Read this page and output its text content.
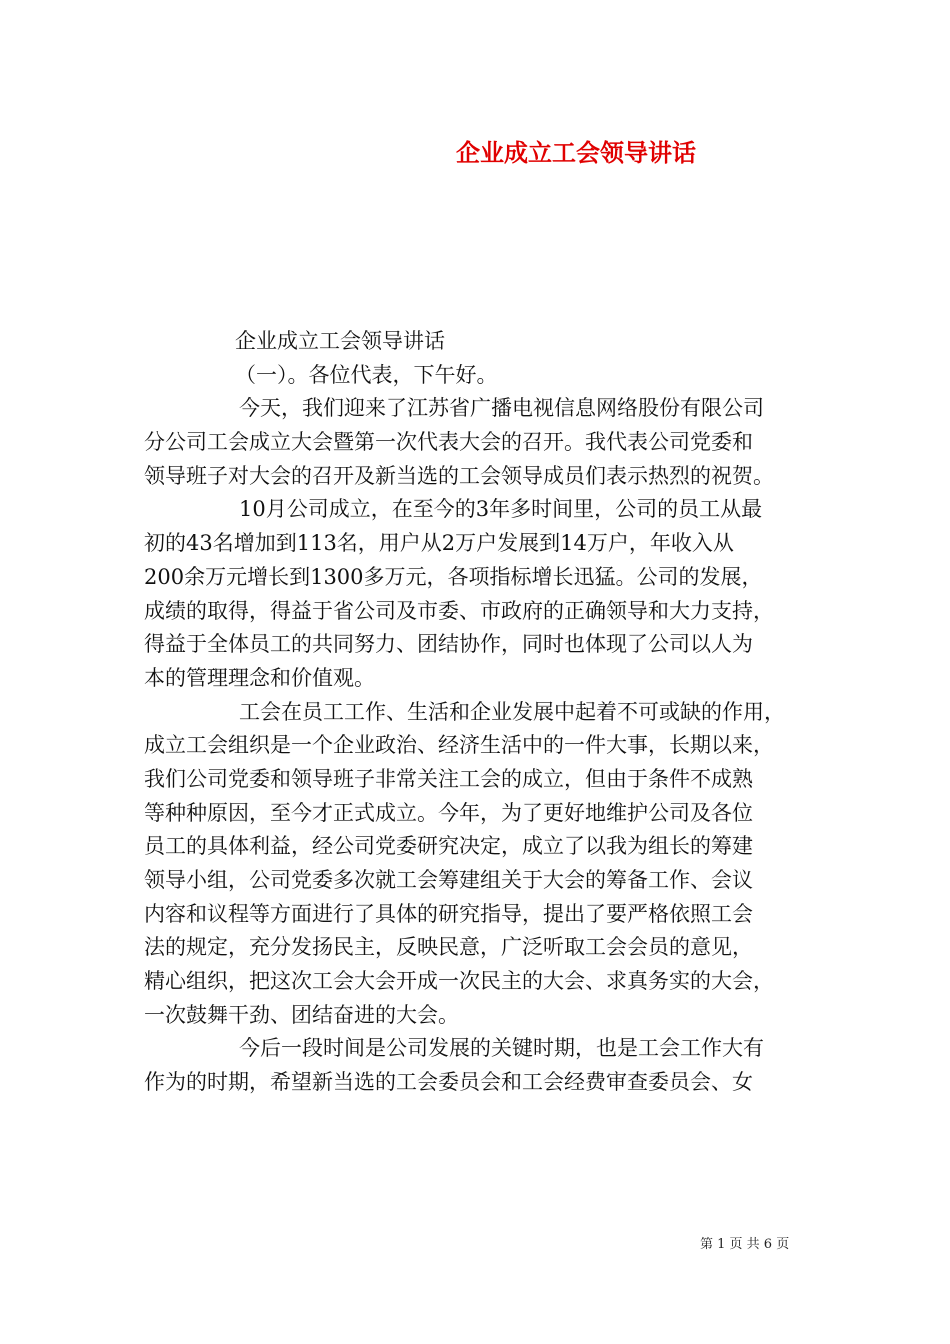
企业成立工会领导讲话
企业成立工会领导讲话
（一）。各位代表，下午好。
今天，我们迎来了江苏省广播电视信息网络股份有限公司
分公司工会成立大会暨第一次代表大会的召开。我代表公司党委和
领导班子对大会的召开及新当选的工会领导成员们表示热烈的祝贺。
10月公司成立，在至今的3年多时间里，公司的员工从最
初的43名增加到113名，用户从2万户发展到14万户，年收入从
200余万元增长到1300多万元，各项指标增长迅猛。公司的发展，
成绩的取得，得益于省公司及市委、市政府的正确领导和大力支持，
得益于全体员工的共同努力、团结协作，同时也体现了公司以人为
本的管理理念和价值观。
工会在员工工作、生活和企业发展中起着不可或缺的作用，
成立工会组织是一个企业政治、经济生活中的一件大事，长期以来，
我们公司党委和领导班子非常关注工会的成立，但由于条件不成熟
等种种原因，至今才正式成立。今年，为了更好地维护公司及各位
员工的具体利益，经公司党委研究决定，成立了以我为组长的筹建
领导小组，公司党委多次就工会筹建组关于大会的筹备工作、会议
内容和议程等方面进行了具体的研究指导，提出了要严格依照工会
法的规定，充分发扬民主，反映民意，广泛听取工会会员的意见，
精心组织，把这次工会大会开成一次民主的大会、求真务实的大会，
一次鼓舞干劲、团结奋进的大会。
今后一段时间是公司发展的关键时期，也是工会工作大有
作为的时期，希望新当选的工会委员会和工会经费审查委员会、女
第 1 页 共 6 页
